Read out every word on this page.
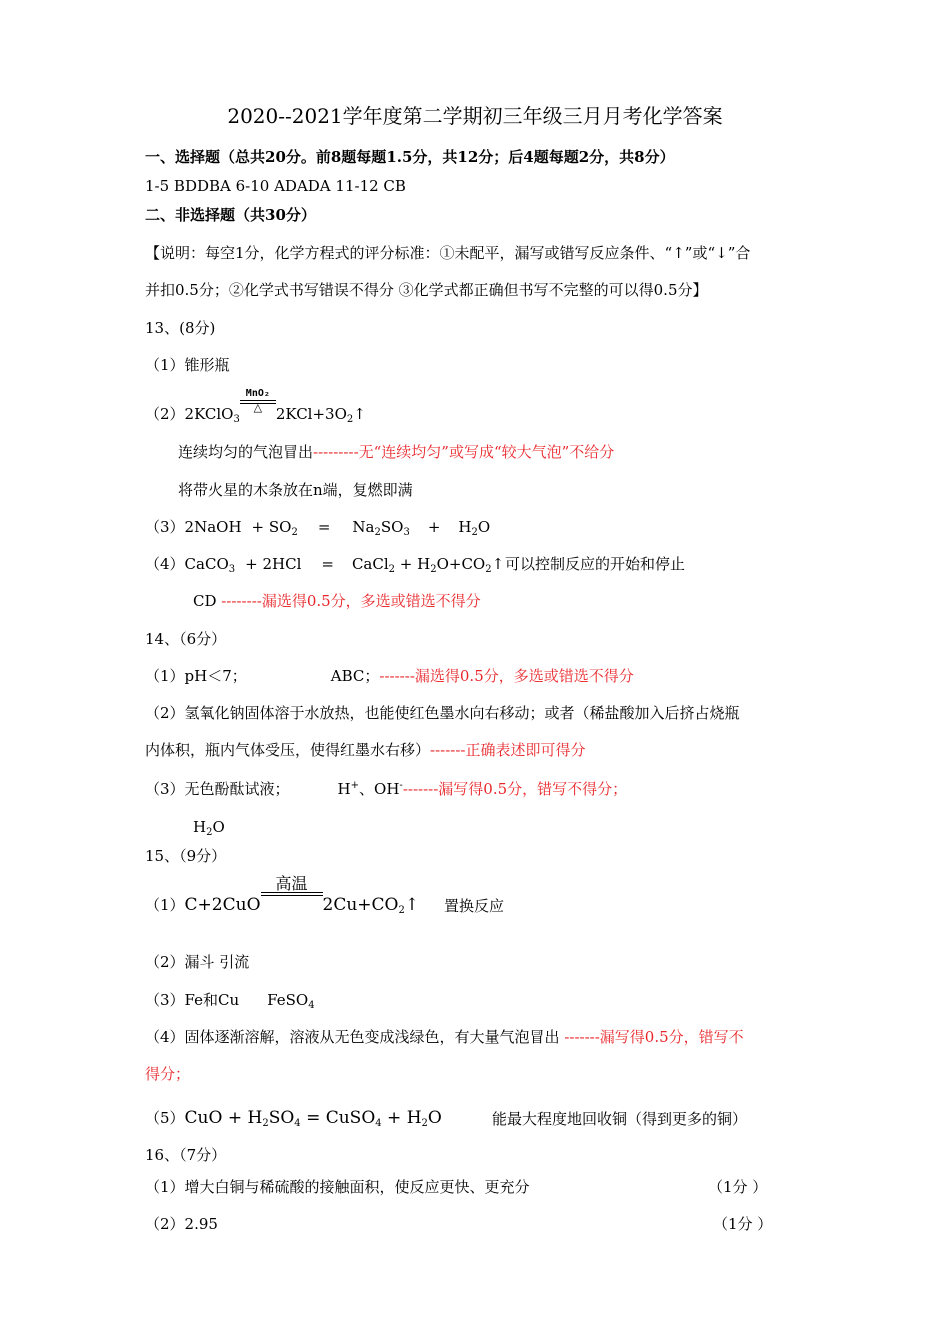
2020--2021学年度第二学期初三年级三月月考化学答案
一、选择题（总共20分。前8题每题1.5分，共12分；后4题每题2分，共8分）
1-5 BDDBA 6-10 ADADA 11-12 CB
二、非选择题（共30分）
【说明：每空1分，化学方程式的评分标准：①未配平，漏写或错写反应条件、“↑”或“↓”合
并扣0.5分；②化学式书写错误不得分 ③化学式都正确但书写不完整的可以得0.5分】
13、(8分)
（1）锥形瓶
（2）2KClO$_3$
MnO₂
△ $2KCl+3O_2↑$
连续均匀的气泡冒出---------无“连续均匀”或写成“较大气泡”不给分
将带火星的木条放在n端，复燃即满
（3）2NaOH + $SO_2 = Na_2SO_3 + H_2O$
（4）CaCO$_3$ + 2HCl = CaCl$_2$ + $H_2O+CO_2↑$ 可以控制反应的开始和停止
CD --------漏选得0.5分，多选或错选不得分
14、（6分）
（1）pH＜7；	ABC；-------漏选得0.5分，多选或错选不得分
（2）氢氧化钠固体溶于水放热，也能使红色墨水向右移动；或者（稀盐酸加入后挤占烧瓶
内体积，瓶内气体受压，使得红墨水右移）-------正确表述即可得分
（3）无色酚酞试液；	H+、OH--------漏写得0.5分，错写不得分；
$H_2O$
15、（9分）
（1）C+2CuO
高温
$2Cu+CO_2↑$ 置换反应
（2）漏斗 引流
（3）Fe和Cu FeSO$_4$
（4）固体逐渐溶解，溶液从无色变成浅绿色，有大量气泡冒出 -------漏写得0.5分，错写不
得分；
$(5)CuO + H_2SO_4$ = CuSO$_4$ + $H_2O$	能最大程度地回收铜（得到更多的铜）
16、（7分）
（1）增大白铜与稀硫酸的接触面积，使反应更快、更充分	（1分 ）
（2）2.95	（1分 ）
